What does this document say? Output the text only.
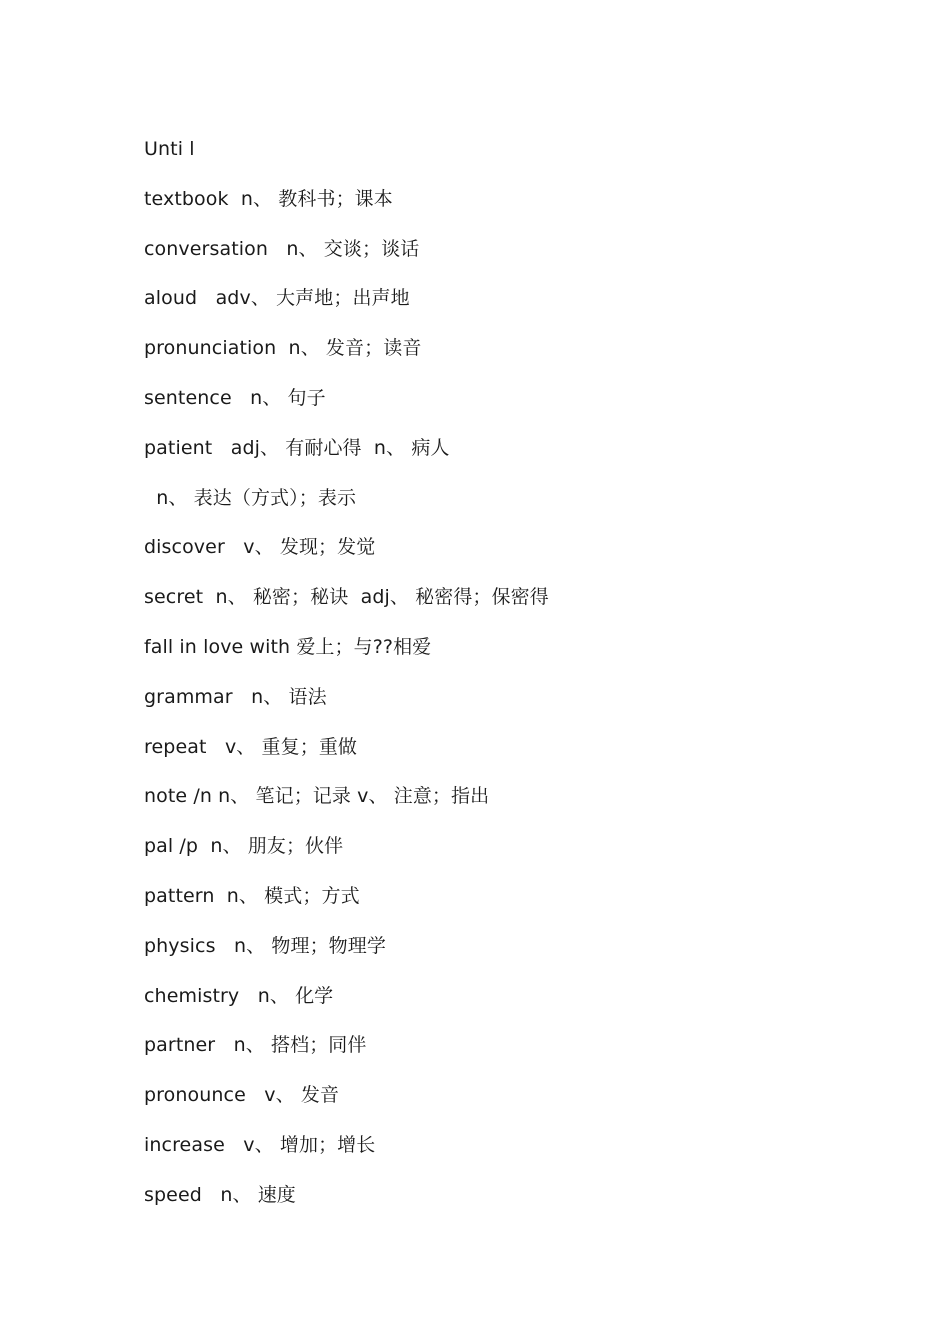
Unti l
textbook  n、 教科书；课本
conversation   n、 交谈；谈话
aloud   adv、 大声地；出声地
pronunciation  n、 发音；读音
sentence   n、 句子
patient   adj、 有耐心得  n、 病人
n、 表达（方式）；表示
discover   v、 发现；发觉
secret  n、 秘密；秘诀  adj、 秘密得；保密得
fall in love with 爱上；与??相爱
grammar   n、 语法
repeat   v、 重复；重做
note /n n、 笔记；记录 v、 注意；指出
pal /p  n、 朋友；伙伴
pattern  n、 模式；方式
physics   n、 物理；物理学
chemistry   n、 化学
partner   n、 搭档；同伴
pronounce   v、 发音
increase   v、 增加；增长
speed   n、 速度
